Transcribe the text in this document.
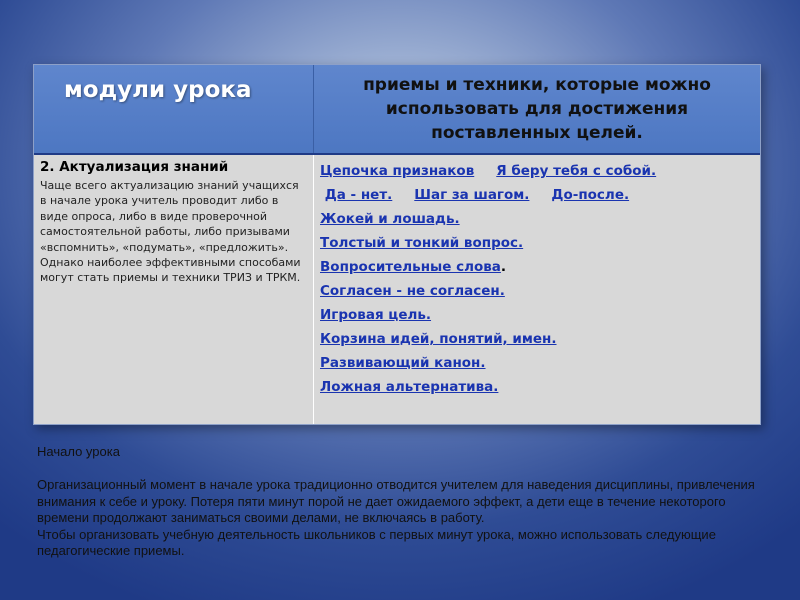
модули урока	приемы и техники, которые можно использовать для достижения поставленных целей.
2. Актуализация знаний
Чаще всего актуализацию знаний учащихся в начале урока учитель проводит либо в виде опроса, либо в виде проверочной самостоятельной работы, либо призывами «вспомнить», «подумать», «предложить». Однако наиболее эффективными способами могут стать приемы и техники ТРИЗ и ТРКМ.
Цепочка признаков Я беру тебя с собой.
Да - нет. Шаг за шагом. До-после.
Жокей и лошадь.
Толстый и тонкий вопрос.
Вопросительные слова.
Согласен - не согласен.
Игровая цель.
Корзина идей, понятий, имен.
Развивающий канон.
Ложная альтернатива.

Начало урока

Организационный момент в начале урока традиционно отводится учителем для наведения дисциплины, привлечения внимания к себе и уроку. Потеря пяти минут порой не дает ожидаемого эффект, а дети еще в течение некоторого времени продолжают заниматься своими делами, не включаясь в работу.

Чтобы организовать учебную деятельность школьников с первых минут урока, можно использовать следующие педагогические приемы.
